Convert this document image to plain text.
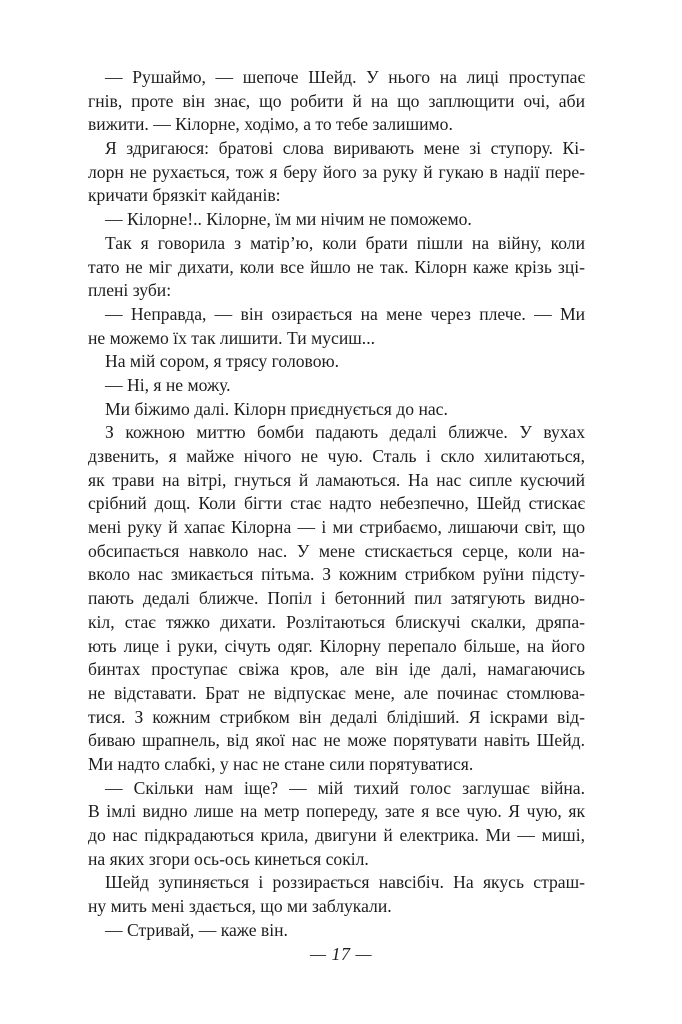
— Рушаймо, — шепоче Шейд. У нього на лиці проступає
гнів, проте він знає, що робити й на що заплющити очі, аби
вижити. — Кілорне, ходімо, а то тебе залишимо.
Я здригаюся: братові слова виривають мене зі ступору. Кі-
лорн не рухається, тож я беру його за руку й гукаю в надії пере-
кричати брязкіт кайданів:
— Кілорне!.. Кілорне, їм ми нічим не поможемо.
Так я говорила з матір’ю, коли брати пішли на війну, коли
тато не міг дихати, коли все йшло не так. Кілорн каже крізь зці-
плені зуби:
— Неправда, — він озирається на мене через плече. — Ми
не можемо їх так лишити. Ти мусиш...
На мій сором, я трясу головою.
— Ні, я не можу.
Ми біжимо далі. Кілорн приєднується до нас.
З кожною миттю бомби падають дедалі ближче. У вухах
дзвенить, я майже нічого не чую. Сталь і скло хилитаються,
як трави на вітрі, гнуться й ламаються. На нас сипле кусючий
срібний дощ. Коли бігти стає надто небезпечно, Шейд стискає
мені руку й хапає Кілорна — і ми стрибаємо, лишаючи світ, що
обсипається навколо нас. У мене стискається серце, коли на-
вколо нас змикається пітьма. З кожним стрибком руїни підсту-
пають дедалі ближче. Попіл і бетонний пил затягують видно-
кіл, стає тяжко дихати. Розлітаються блискучі скалки, дряпа-
ють лице і руки, січуть одяг. Кілорну перепало більше, на його
бинтах проступає свіжа кров, але він іде далі, намагаючись
не відставати. Брат не відпускає мене, але починає стомлюва-
тися. З кожним стрибком він дедалі блідіший. Я іскрами від-
биваю шрапнель, від якої нас не може порятувати навіть Шейд.
Ми надто слабкі, у нас не стане сили порятуватися.
— Скільки нам іще? — мій тихий голос заглушає війна.
В імлі видно лише на метр попереду, зате я все чую. Я чую, як
до нас підкрадаються крила, двигуни й електрика. Ми — миші,
на яких згори ось-ось кинеться сокіл.
Шейд зупиняється і роззирається навсібіч. На якусь страш-
ну мить мені здається, що ми заблукали.
— Стривай, — каже він.
— 17 —
